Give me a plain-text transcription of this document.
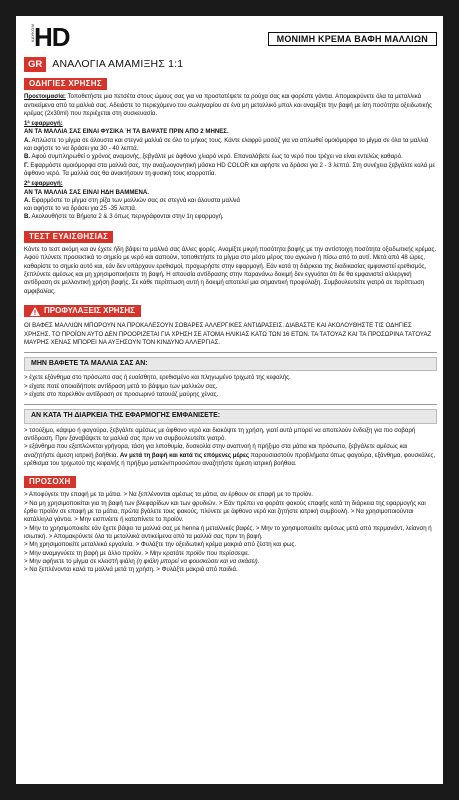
KAYKOM HD	ΜΟΝΙΜΗ ΚΡΕΜΑ ΒΑΦΗ ΜΑΛΛΙΩΝ
GR ΑΝΑΛΟΓΙΑ ΑΜΑΜΙΞΗΣ 1:1
ΟΔΗΓΙΕΣ ΧΡΗΣΗΣ

Προετοιμασία: Τοποθετήστε μια πετσέτα στους ώμους σας για να προστατέψετε τα ρούχα σας και φορέστε γάντια. Απομακρύνετε όλα τα μεταλλικά αντικείμενα από τα μαλλιά σας. Αδειάστε το περιεχόμενο του σωληναρίου σε ένα μη μεταλλικό μπολ και αναμίξτε την βαφή με ίση ποσότητα οξειδωτικής κρέμας (2x30ml) που περιέχεται στη συσκευασία.

1ª εφαρμογή:

ΑΝ ΤΑ ΜΑΛΛΙΑ ΣΑΣ ΕΙΝΑΙ ΦΥΣΙΚΑ Ή ΤΑ ΒΑΨΑΤΕ ΠΡΙΝ ΑΠΟ 2 ΜΗΝΕΣ.

Α. Απλώστε το μίγμα σε άλουστα και στεγνά μαλλιά σε όλο το μήκος τους. Κάντε ελαφρύ μασάζ για να απλωθεί ομοιόμορφα το μίγμα σε όλα τα μαλλιά και αφήστε το να δράσει για 30 - 40 λεπτά.

Β. Αφού συμπληρωθεί ο χρόνος αναμονής, ξεβγάλτε με άφθονο χλιαρό νερό. Επαναλάβετε έως το νερό που τρέχει να είναι εντελώς καθαρό.

Γ. Εφαρμόστε ομοιόμορφα στα μαλλιά σας, την αναζωογονητική μάσκα HD COLOR και αφήστε να δράσει για 2 - 3 λεπτά. Στη συνέχεια ξεβγάλτε καλά με άφθονο νερό. Τα μαλλιά σας θα ανακτήσουν τη φυσική τους ισορροπία.

2ª εφαρμογή:

ΑΝ ΤΑ ΜΑΛΛΙΑ ΣΑΣ ΕΙΝΑΙ ΗΔΗ ΒΑΜΜΕΝΑ.

Α. Εφαρμόστε το μίγμα στη ρίζα των μαλλιών σας σε στεγνά και άλουστα μαλλιά

και αφήστε το να δράσει για 25 -35 λεπτά.

Β. Ακολουθήστε τα Βήματα 2 & 3 όπως περιγράφονται στην 1η εφαρμογή.

ΤΕΣΤ ΕΥΑΙΣΘΗΣΙΑΣ

Κάντε το τεστ ακόμη και αν έχετε ήδη βάψει τα μαλλιά σας άλλες φορές. Αναμίξτε μικρή ποσότητα βαφής με την αντίστοιχη ποσότητα οξειδωτικής κρέμας. Αφού πλύνετε προσεκτικά το σημείο με νερό και σαπούνι, τοποθετήστε το μίγμα στο μέσο μέρος του αγκώνα ή πίσω από το αυτί. Μετά από 48 ώρες, καθαρίστε το σημείο αυτό και, εάν δεν υπάρχουν ερεθισμοί, προχωρήστε στην εφαρμογή. Εάν κατά τη διάρκεια της διαδικασίας εμφανιστεί ερεθισμός, ξεπλύνετε αμέσως και μη χρησιμοποιήσετε τη βαφή. Η απουσία αντίδρασης στην παρανάνω δοκιμή δεν εγγυάται ότι δε θα εμφανιστεί αλλεργική αντίδραση σε μελλοντική χρήση βαφής. Σε κάθε περίπτωση αυτή η δοκιμή αποτελεί μια σημαντική προφύλαξη. Συμβουλευτείτε γιατρό σε περίπτωση αμφιβολίας.

ΠΡΟΦΥΛΑΞΕΙΣ ΧΡΗΣΗΣ

ΟΙ ΒΑΦΕΣ ΜΑΛΛΙΩΝ ΜΠΟΡΟΥΝ ΝΑ ΠΡΟΚΑΛΕΣΟΥΝ ΣΟΒΑΡΕΣ ΑΛΛΕΡΓΙΚΕΣ ΑΝΤΙΔΡΑΣΕΙΣ. ΔΙΑΒΑΣΤΕ ΚΑΙ ΑΚΟΛΟΥΘΗΣΤΕ ΤΙΣ ΟΔΗΓΙΕΣ ΧΡΗΣΗΣ. ΤΟ ΠΡΟΪΟΝ ΑΥΤΟ ΔΕΝ ΠΡΟΟΡΙΖΕΤΑΙ ΓΙΑ ΧΡΗΣΗ ΣΕ ΑΤΟΜΑ ΗΛΙΚΙΑΣ ΚΑΤΩ ΤΩΝ 16 ΕΤΩΝ. ΤΑ ΤΑΤΟΥΑΖ ΚΑΙ ΤΑ ΠΡΟΣΩΡΙΝΑ ΤΑΤΟΥΑΖ ΜΑΥΡΗΣ ΧΕΝΑΣ ΜΠΟΡΕΙ ΝΑ ΑΥΞΗΣΟΥΝ ΤΟΝ ΚΙΝΔΥΝΟ ΑΛΛΕΡΓΙΑΣ.

ΜΗΝ ΒΑΦΕΤΕ ΤΑ ΜΑΛΛΙΑ ΣΑΣ ΑΝ:

> έχετε εξάνθημα στο πρόσωπο σας ή ευαίσθητο, ερεθισμένο και πληγωμένο τριχωτό της κεφαλής.

> είχατε ποτέ οποιαδήποτε αντίδραση μετά το βάψιμο των μαλλιών σας.

> είχατε στο παρελθόν αντίδραση σε προσωρινό τατουάζ μαύρης χένας.

ΑΝ ΚΑΤΑ ΤΗ ΔΙΑΡΚΕΙΑ ΤΗΣ ΕΦΑΡΜΟΓΗΣ ΕΜΦΑΝΙΣΕΤΕ:

> τσούξιμο, κάψιμο ή φαγούρα, ξεβγάλτε αμέσως με άφθονο νερό και διακόψτε τη χρήση, γιατί αυτά μπορεί να αποτελούν ένδειξη για πιο σοβαρή αντίδραση. Πριν ξαναβάψετε τα μαλλιά σας πριν να συμβουλευτείτε γιατρό.

> εξάνθημα που εξαπλώνεται γρήγορα, τάση για λιποθυμία, δυσκολία στην αναπνοή ή πρήξιμο στα μάτια και πρόσωπο, ξεβγάλετε αμέσως και αναζητήστε άμεση ιατρική βοήθεια. Αν μετά τη βαφή και κατά τις επόμενες μέρες παρουσιαστούν προβλήματα όπως φαγούρα, εξάνθημα, φουσκάλες, ερέθισμα του τριχωτού της κεφαλής ή πρήξιμο ματιών/προσώπου αναζητήστε άμεση ιατρική βοήθεια.

ΠΡΟΣΟΧΗ

> Αποφύγετε την επαφή με τα μάτια. > Να ξεπλένονται αμέσως τα μάτια, αν έρθουν σε επαφή με το προϊόν.

> Να μη χρησιμοποιείται για τη βαφή των βλεφαρίδων και των φρυδιών. > Εάν πρέπει να φοράτε φακούς επαφής κατά τη διάρκεια της εφαρμογής και έρθει προϊόν σε επαφή με τα μάτια, πρώτα βγάλετε τους φακούς, πλύνετε με άφθονο νερό και ζητήστε ιατρική συμβουλή. > Να χρησιμοποιούνται κατάλληλα γάντια. > Μην εισπνέετε ή καταπίνετε το προϊόν.

> Μην το χρησιμοποιείτε εάν έχετε βάψει τα μαλλιά σας με henna ή μεταλλικές βαφές. > Μην το χρησιμοποιείτε αμέσως μετά από περμανάντ, λείανση ή ισιωτική. > Απομακρύνετε όλα τα μεταλλικά αντικείμενα από τα μαλλιά σας πριν τη βαφή.

> Μη χρησιμοποιείτε μεταλλικά εργαλεία. > Φυλάξτε την οξειδωτική κρέμα μακριά από ζέστη και φως.

> Μην αναμιγνύετε τη βαφή με άλλο προϊόν. > Μην κρατάτε προϊόν που περίσσεψε.

> Μην αφήνετε το μίγμα σε κλειστή φιάλη (η φιάλη μπορεί να φουσκώσει και να σκάσει).

> Να ξεπλένονται καλά τα μαλλιά μετά τη χρήση. > Φυλάξτε μακριά από παιδιά.
